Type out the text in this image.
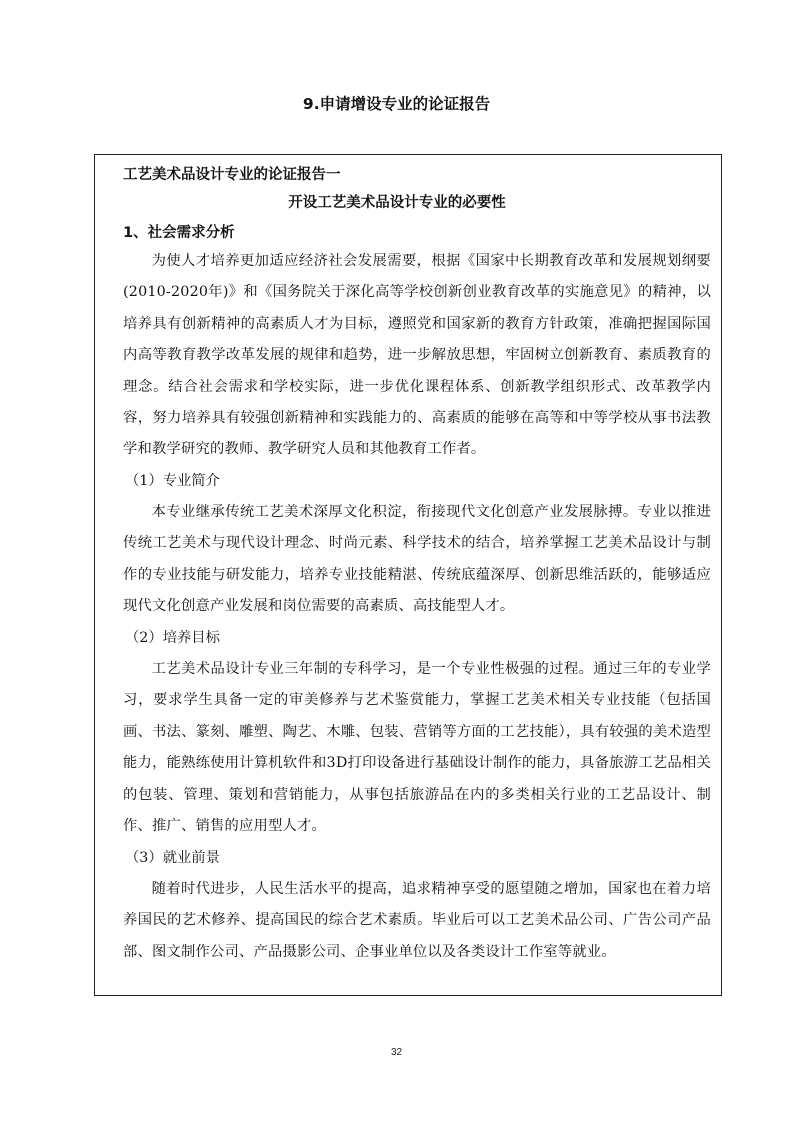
9.申请增设专业的论证报告
工艺美术品设计专业的论证报告一
开设工艺美术品设计专业的必要性
1、社会需求分析
为使人才培养更加适应经济社会发展需要，根据《国家中长期教育改革和发展规划纲要(2010-2020年)》和《国务院关于深化高等学校创新创业教育改革的实施意见》的精神，以培养具有创新精神的高素质人才为目标，遵照党和国家新的教育方针政策，准确把握国际国内高等教育教学改革发展的规律和趋势，进一步解放思想，牢固树立创新教育、素质教育的理念。结合社会需求和学校实际，进一步优化课程体系、创新教学组织形式、改革教学内容，努力培养具有较强创新精神和实践能力的、高素质的能够在高等和中等学校从事书法教学和教学研究的教师、教学研究人员和其他教育工作者。
（1）专业简介
本专业继承传统工艺美术深厚文化积淀，衔接现代文化创意产业发展脉搏。专业以推进传统工艺美术与现代设计理念、时尚元素、科学技术的结合，培养掌握工艺美术品设计与制作的专业技能与研发能力，培养专业技能精湛、传统底蕴深厚、创新思维活跃的，能够适应现代文化创意产业发展和岗位需要的高素质、高技能型人才。
（2）培养目标
工艺美术品设计专业三年制的专科学习，是一个专业性极强的过程。通过三年的专业学习，要求学生具备一定的审美修养与艺术鉴赏能力，掌握工艺美术相关专业技能（包括国画、书法、篆刻、雕塑、陶艺、木雕、包装、营销等方面的工艺技能），具有较强的美术造型能力，能熟练使用计算机软件和3D打印设备进行基础设计制作的能力，具备旅游工艺品相关的包装、管理、策划和营销能力，从事包括旅游品在内的多类相关行业的工艺品设计、制作、推广、销售的应用型人才。
（3）就业前景
随着时代进步，人民生活水平的提高，追求精神享受的愿望随之增加，国家也在着力培养国民的艺术修养、提高国民的综合艺术素质。毕业后可以工艺美术品公司、广告公司产品部、图文制作公司、产品摄影公司、企事业单位以及各类设计工作室等就业。
32
